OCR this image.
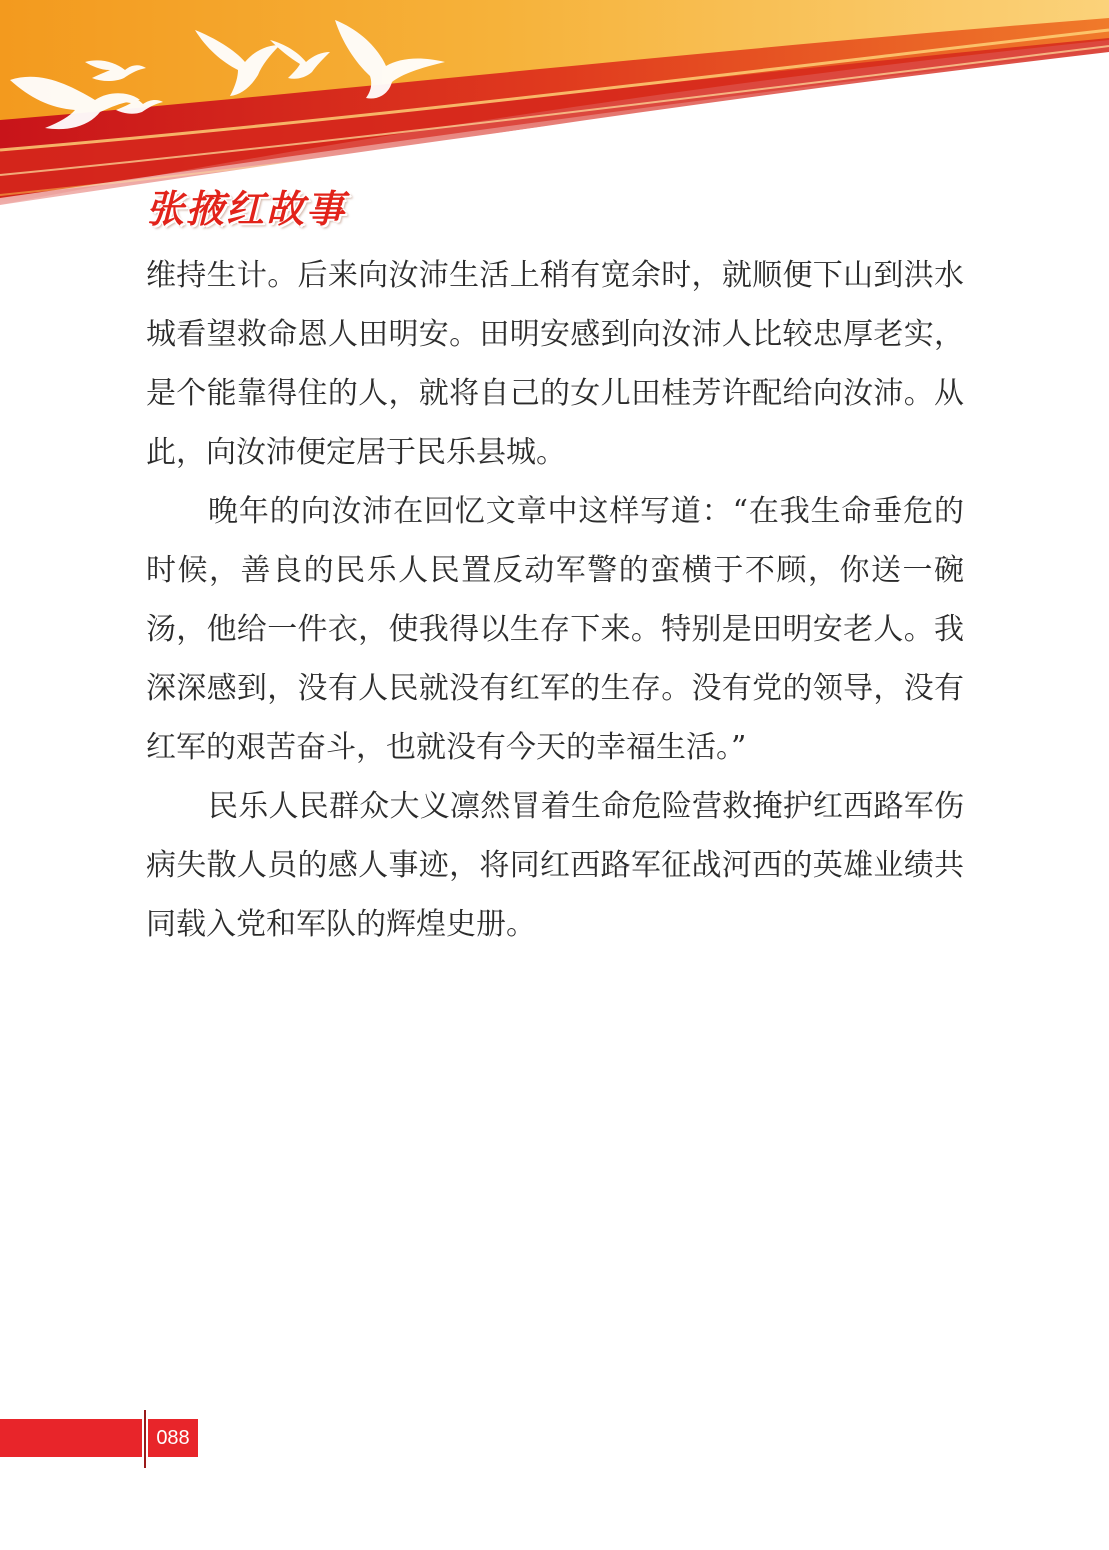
张掖红故事

维持生计。后来向汝沛生活上稍有宽余时，就顺便下山到洪水城看望救命恩人田明安。田明安感到向汝沛人比较忠厚老实，是个能靠得住的人，就将自己的女儿田桂芳许配给向汝沛。从此，向汝沛便定居于民乐县城。

晚年的向汝沛在回忆文章中这样写道：“在我生命垂危的时候，善良的民乐人民置反动军警的蛮横于不顾，你送一碗汤，他给一件衣，使我得以生存下来。特别是田明安老人。我深深感到，没有人民就没有红军的生存。没有党的领导，没有红军的艰苦奋斗，也就没有今天的幸福生活。”

民乐人民群众大义凛然冒着生命危险营救掩护红西路军伤病失散人员的感人事迹，将同红西路军征战河西的英雄业绩共同载入党和军队的辉煌史册。

088
